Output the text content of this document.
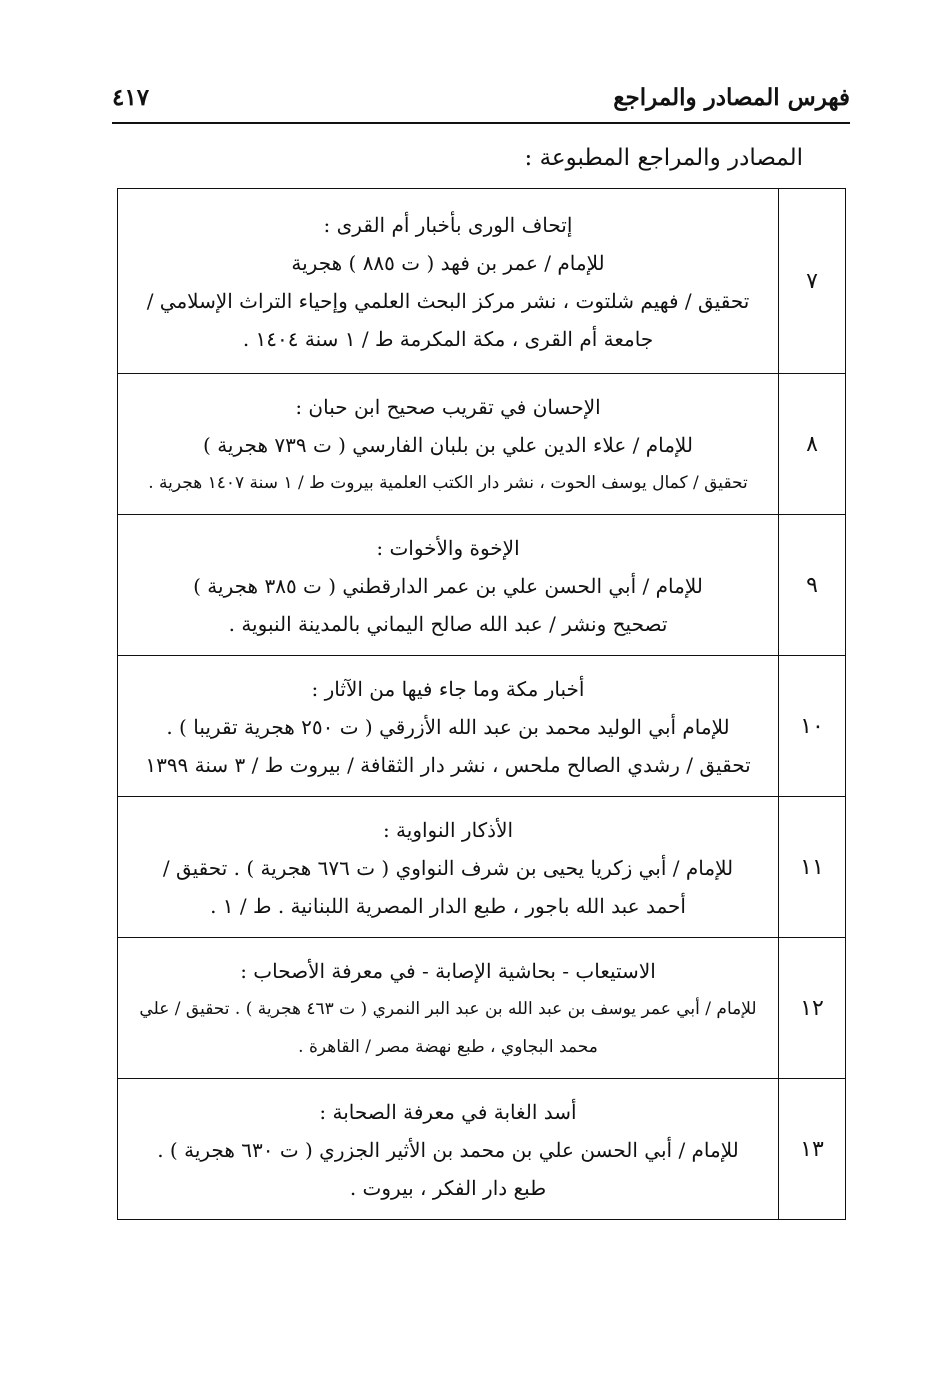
فهرس المصادر والمراجع
٤١٧
المصادر والمراجع المطبوعة :
٧	إتحاف الورى بأخبار أم القرى :
للإمام / عمر بن فهد ( ت ٨٨٥ ) هجرية
تحقيق / فهيم شلتوت ، نشر مركز البحث العلمي وإحياء التراث الإسلامي /
جامعة أم القرى ، مكة المكرمة ط / ١ سنة ١٤٠٤ .

٨	الإحسان في تقريب صحيح ابن حبان :
للإمام / علاء الدين علي بن بلبان الفارسي ( ت ٧٣٩ هجرية )
تحقيق / كمال يوسف الحوت ، نشر دار الكتب العلمية بيروت ط / ١ سنة ١٤٠٧ هجرية .

٩	الإخوة والأخوات :
للإمام / أبي الحسن علي بن عمر الدارقطني ( ت ٣٨٥ هجرية )
تصحيح ونشر / عبد الله صالح اليماني بالمدينة النبوية .

١٠	أخبار مكة وما جاء فيها من الآثار :
للإمام أبي الوليد محمد بن عبد الله الأزرقي ( ت ٢٥٠ هجرية تقريبا ) .
تحقيق / رشدي الصالح ملحس ، نشر دار الثقافة / بيروت ط / ٣ سنة ١٣٩٩

١١	الأذكار النواوية :
للإمام / أبي زكريا يحيى بن شرف النواوي ( ت ٦٧٦ هجرية ) . تحقيق /
أحمد عبد الله باجور ، طبع الدار المصرية اللبنانية . ط / ١ .

١٢	الاستيعاب - بحاشية الإصابة - في معرفة الأصحاب :
للإمام / أبي عمر يوسف بن عبد الله بن عبد البر النمري ( ت ٤٦٣ هجرية ) . تحقيق / علي
محمد البجاوي ، طبع نهضة مصر / القاهرة .

١٣	أسد الغابة في معرفة الصحابة :
للإمام / أبي الحسن علي بن محمد بن الأثير الجزري ( ت ٦٣٠ هجرية ) .
طبع دار الفكر ، بيروت .
